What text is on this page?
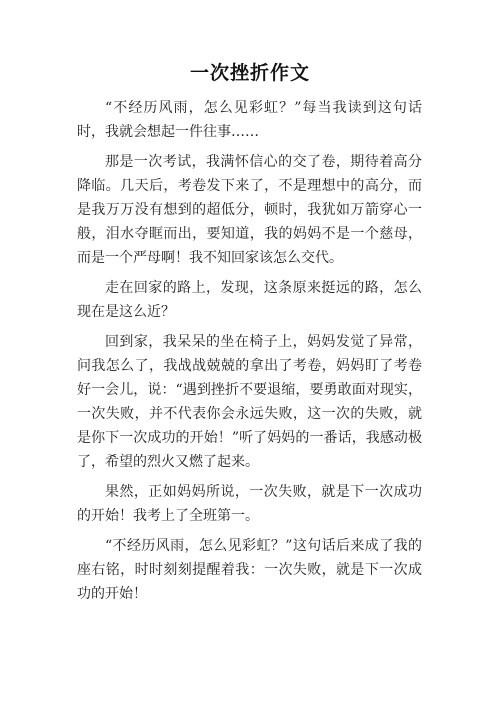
一次挫折作文

“不经历风雨，怎么见彩虹？”每当我读到这句话时，我就会想起一件往事……

那是一次考试，我满怀信心的交了卷，期待着高分降临。几天后，考卷发下来了，不是理想中的高分，而是我万万没有想到的超低分，顿时，我犹如万箭穿心一般，泪水夺眶而出，要知道，我的妈妈不是一个慈母，而是一个严母啊！我不知回家该怎么交代。

走在回家的路上，发现，这条原来挺远的路，怎么现在是这么近？

回到家，我呆呆的坐在椅子上，妈妈发觉了异常，问我怎么了，我战战兢兢的拿出了考卷，妈妈盯了考卷好一会儿，说：“遇到挫折不要退缩，要勇敢面对现实，一次失败，并不代表你会永远失败，这一次的失败，就是你下一次成功的开始！”听了妈妈的一番话，我感动极了，希望的烈火又燃了起来。

果然，正如妈妈所说，一次失败，就是下一次成功的开始！我考上了全班第一。

“不经历风雨，怎么见彩虹？”这句话后来成了我的座右铭，时时刻刻提醒着我：一次失败，就是下一次成功的开始！
